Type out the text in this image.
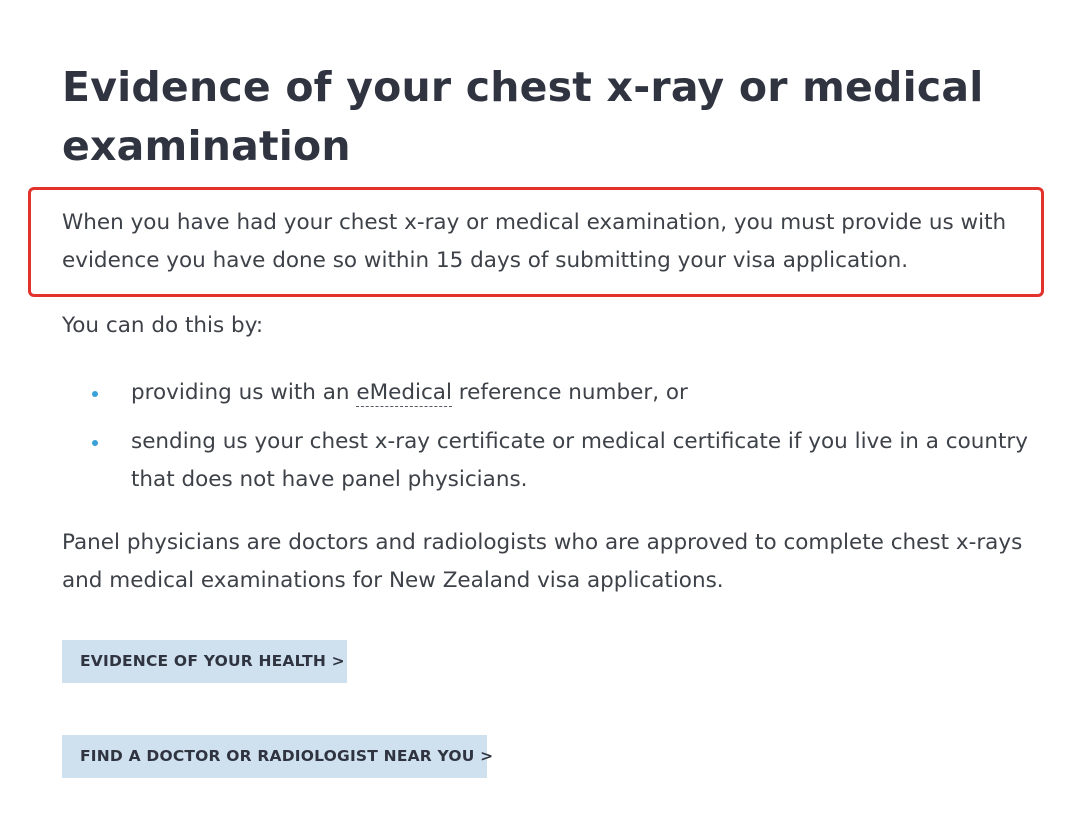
Evidence of your chest x-ray or medical examination

When you have had your chest x-ray or medical examination, you must provide us with evidence you have done so within 15 days of submitting your visa application.

You can do this by:

providing us with an eMedical reference number, or
sending us your chest x-ray certificate or medical certificate if you live in a country that does not have panel physicians.

Panel physicians are doctors and radiologists who are approved to complete chest x-rays and medical examinations for New Zealand visa applications.

EVIDENCE OF YOUR HEALTH >
FIND A DOCTOR OR RADIOLOGIST NEAR YOU >
